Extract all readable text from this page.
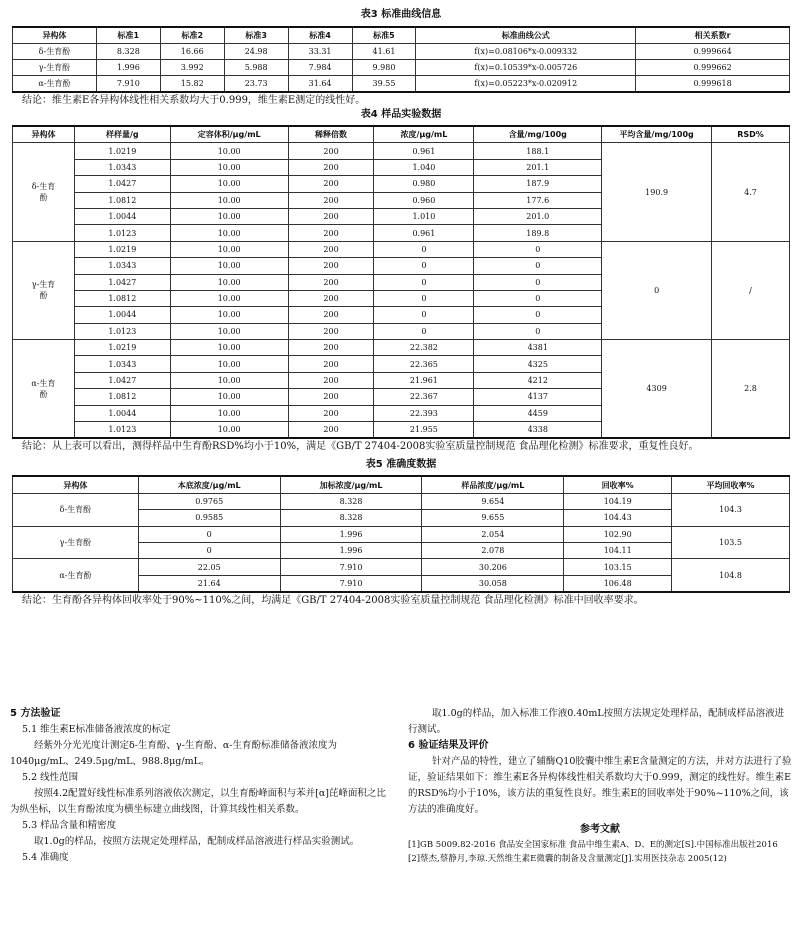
表3 标准曲线信息
异构体	标准1	标准2	标准3	标准4	标准5	标准曲线公式	相关系数r
δ-生育酚	8.328	16.66	24.98	33.31	41.61	f(x)=0.08106*x-0.009332	0.999664
γ-生育酚	1.996	3.992	5.988	7.984	9.980	f(x)=0.10539*x-0.005726	0.999662
α-生育酚	7.910	15.82	23.73	31.64	39.55	f(x)=0.05223*x-0.020912	0.999618
结论：维生素E各异构体线性相关系数均大于0.999，维生素E测定的线性好。
表4 样品实验数据
异构体	样样量/g	定容体积/μg/mL	稀释倍数	浓度/μg/mL	含量/mg/100g	平均含量/mg/100g	RSD%

δ-生育
酚	1.0219	10.00	200	0.961	188.1	190.9	4.7
	1.0343	10.00	200	1.040	201.1		
	1.0427	10.00	200	0.980	187.9		
	1.0812	10.00	200	0.960	177.6		
	1.0044	10.00	200	1.010	201.0		
	1.0123	10.00	200	0.961	189.8		

γ-生育
酚	1.0219	10.00	200	0	0	0	/
	1.0343	10.00	200	0	0		
	1.0427	10.00	200	0	0		
	1.0812	10.00	200	0	0		
	1.0044	10.00	200	0	0		
	1.0123	10.00	200	0	0		

α-生育
酚	1.0219	10.00	200	22.382	4381	4309	2.8
	1.0343	10.00	200	22.365	4325		
	1.0427	10.00	200	21.961	4212		
	1.0812	10.00	200	22.367	4137		
	1.0044	10.00	200	22.393	4459		
	1.0123	10.00	200	21.955	4338		
结论：从上表可以看出，测得样品中生育酚RSD%均小于10%，满足《GB/T 27404-2008实验室质量控制规范 食品理化检测》标准要求，重复性良好。
表5 准确度数据
异构体	本底浓度/μg/mL	加标浓度/μg/mL	样品浓度/μg/mL	回收率%	平均回收率%
δ-生育酚	0.9765	8.328	9.654	104.19	104.3
	0.9585	8.328	9.655	104.43	
γ-生育酚	0	1.996	2.054	102.90	103.5
	0	1.996	2.078	104.11	
α-生育酚	22.05	7.910	30.206	103.15	104.8
	21.64	7.910	30.058	106.48	
结论：生育酚各异构体回收率处于90%~110%之间，均满足《GB/T 27404-2008实验室质量控制规范 食品理化检测》标准中回收率要求。
5 方法验证
5.1 维生素E标准储备液浓度的标定
经紫外分光光度计测定δ-生育酚、γ-生育酚、α-生育酚标准储备液浓度为1040μg/mL、249.5μg/mL、988.8μg/mL。
5.2 线性范围
按照4.2配置好线性标准系列溶液依次测定，以生育酚峰面积与苯并[α]芘峰面积之比为纵坐标，以生育酚浓度为横坐标建立曲线图，计算其线性相关系数。
5.3 样品含量和精密度
取1.0g的样品，按照方法规定处理样品，配制成样品溶液进行样品实验测试。
5.4 准确度
取1.0g的样品，加入标准工作液0.40mL按照方法规定处理样品，配制成样品溶液进行测试。
6 验证结果及评价
针对产品的特性，建立了辅酶Q10胶囊中维生素E含量测定的方法，并对方法进行了验证，验证结果如下：维生素E各异构体线性相关系数均大于0.999，测定的线性好。维生素E的RSD%均小于10%，该方法的重复性良好。维生素E的回收率处于90%~110%之间，该方法的准确度好。
参考文献
[1]GB 5009.82-2016 食品安全国家标准 食品中维生素A、D、E的测定[S].中国标准出版社2016
[2]蔡杰,蔡静月,李琼.天然维生素E微囊的制备及含量测定[J].实用医技杂志 2005(12)
